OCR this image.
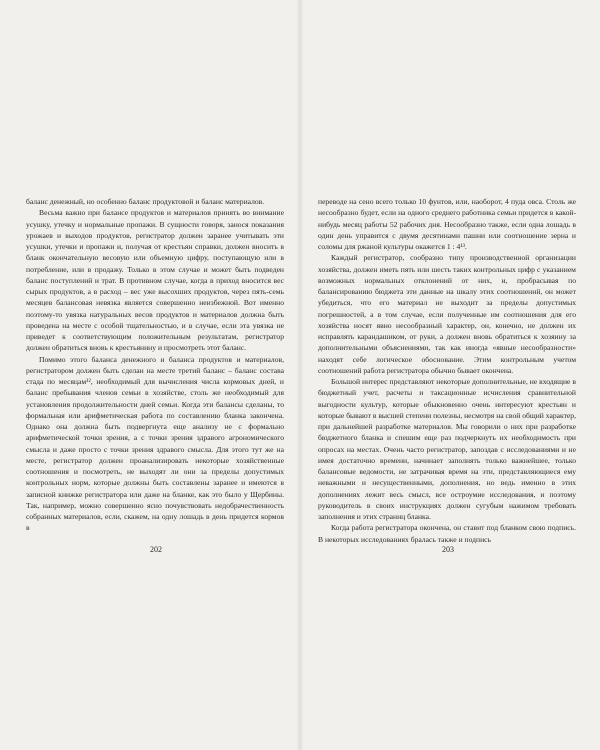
баланс денежный, но особенно баланс продуктовой и баланс материалов.

Весьма важно при балансе продуктов и материалов принять во внимание усушку, утечку и нормальные пропажи. В сущности говоря, занося показания урожаев и выходов продуктов, регистратор должен заранее учитывать эти усушки, утечки и пропажи и, получая от крестьян справки, должен вносить в бланк окончательную весовую или объемную цифру, поступающую или в потребление, или в продажу. Только в этом случае и может быть подведен баланс поступлений и трат. В противном случае, когда в приход вносится вес сырых продуктов, а в расход – вес уже высохших продуктов, через пять-семь месяцев балансовая невязка является совершенно неизбежной. Вот именно поэтому-то увязка натуральных весов продуктов и материалов должна быть проведена на месте с особой тщательностью, и в случае, если эта увязка не приведет к соответствующим положительным результатам, регистратор должен обратиться вновь к крестьянину и просмотреть этот баланс.

Помимо этого баланса денежного и баланса продуктов и материалов, регистратором должен быть сделан на месте третий баланс – баланс состава стада по месяцам¹², необходимый для вычисления числа кормовых дней, и баланс пребывания членов семьи в хозяйстве, столь же необходимый для установления продолжительности дней семьи. Когда эти балансы сделаны, то формальная или арифметическая работа по составлению бланка закончена. Однако она должна быть подвергнута еще анализу не с формально арифметической точки зрения, а с точки зрения здравого агрономического смысла и даже просто с точки зрения здравого смысла. Для этого тут же на месте, регистратор должен проанализировать некоторые хозяйственные соотношения и посмотреть, не выходят ли они за пределы допустимых контрольных норм, которые должны быть составлены заранее и имеются в записной книжке регистратора или даже на бланке, как это было у Щербины. Так, например, можно совершенно ясно почувствовать недобрачественность собранных материалов, если, скажем, на одну лошадь в день придется кормов в

202

переводе на сено всего только 10 фунтов, или, наоборот, 4 пуда овса. Столь же несообразно будет, если на одного среднего работника семьи придется в какой-нибудь месяц работы 52 рабочих дня. Несообразно также, если одна лошадь в один день управится с двумя десятинами пашни или соотношение зерна и соломы для ржаной культуры окажется 1 : 4¹³.

Каждый регистратор, сообразно типу производственной организации хозяйства, должен иметь пять или шесть таких контрольных цифр с указанием возможных нормальных отклонений от них, и, пробрасывая по балансированию бюджета эти данные на шкалу этих соотношений, он может убедиться, что его материал не выходит за пределы допустимых погрешностей, а в том случае, если полученные им соотношения для его хозяйства носят явно несообразный характер, он, конечно, не должен их исправлять карандашиком, от руки, а должен вновь обратиться к хозяину за дополнительными объяснениями, так как иногда «явные несообразности» находят себе логическое обоснование. Этим контрольным учетом соотношений работа регистратора обычно бывает окончена.

Большой интерес представляют некоторые дополнительные, не входящие в бюджетный учет, расчеты и таксационные исчисления сравнительной выгодности культур, которые обыкновенно очень интересуют крестьян и которые бывают в высшей степени полезны, несмотря на свой общий характер, при дальнейшей разработке материалов. Мы говорили о них при разработке бюджетного бланка и спешим еще раз подчеркнуть их необходимость при опросах на местах. Очень часто регистратор, запоздав с исследованиями и не имея достаточно времени, начинает заполнять только важнейшее, только балансовые ведомости, не затрачивая время на эти, представляющиеся ему неважными и несущественными, дополнения, но ведь именно в этих дополнениях лежит весь смысл, все остроумие исследования, и поэтому руководитель в своих инструкциях должен сугубым нажимом требовать заполнения и этих страниц бланка.

Когда работа регистратора окончена, он ставит под бланком свою подпись. В некоторых исследованиях бралась также и подпись

203
